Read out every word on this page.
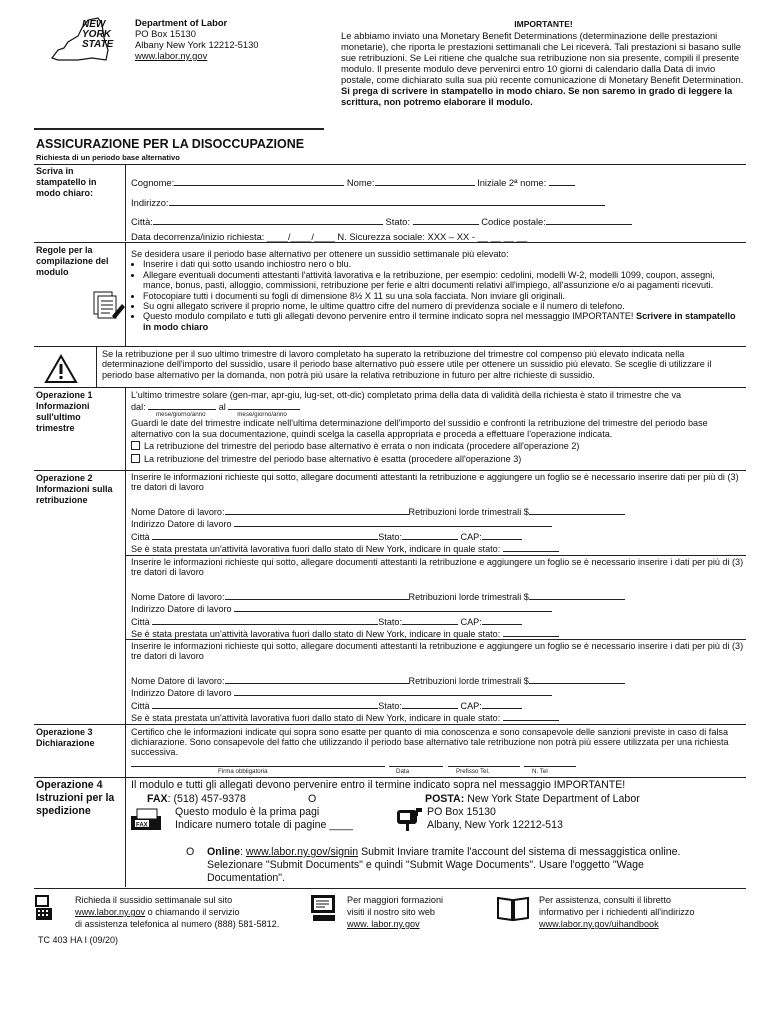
NEW
YORK
STATE
Department of Labor
PO Box 15130
Albany New York 12212-5130
www.labor.ny.gov
IMPORTANTE!
Le abbiamo inviato una Monetary Benefit Determinations (determinazione delle prestazioni monetarie), che riporta le prestazioni settimanali che Lei riceverà. Tali prestazioni si basano sulle sue retribuzioni. Se Lei ritiene che qualche sua retribuzione non sia presente, compili il presente modulo. Il presente modulo deve pervenirci entro 10 giorni di calendario dalla Data di invio postale, come dichiarato sulla sua più recente comunicazione di Monetary Benefit Determination. Si prega di scrivere in stampatello in modo chiaro. Se non saremo in grado di leggere la scrittura, non potremo elaborare il modulo.
ASSICURAZIONE PER LA DISOCCUPAZIONE
Richiesta di un periodo base alternativo
Scriva in stampatello in modo chiaro:
Cognome:	Nome:	Iniziale 2ª nome:
Indirizzo:
Città:	Stato:	Codice postale:
Data decorrenza/inizio richiesta: ____/____/____ N. Sicurezza sociale: XXX – XX - __ __ __ __
Regole per la compilazione del modulo
Se desidera usare il periodo base alternativo per ottenere un sussidio settimanale più elevato:
• Inserire i dati qui sotto usando inchiostro nero o blu.
• Allegare eventuali documenti attestanti l'attività lavorativa e la retribuzione, per esempio: cedolini, modelli W-2, modelli 1099, coupon, assegni, mance, bonus, pasti, alloggio, commissioni, retribuzione per ferie e altri documenti relativi all'impiego, all'assunzione e/o ai pagamenti ricevuti.
• Fotocopiare tutti i documenti su fogli di dimensione 8½ X 11 su una sola facciata. Non inviare gli originali.
• Su ogni allegato scrivere il proprio nome, le ultime quattro cifre del numero di previdenza sociale e il numero di telefono.
• Questo modulo compilato e tutti gli allegati devono pervenire entro il termine indicato sopra nel messaggio IMPORTANTE! Scrivere in stampatello in modo chiaro
Se la retribuzione per il suo ultimo trimestre di lavoro completato ha superato la retribuzione del trimestre col compenso più elevato indicata nella determinazione dell'importo del sussidio, usare il periodo base alternativo può essere utile per ottenere un sussidio più elevato. Se sceglie di utilizzare il periodo base alternativo per la domanda, non potrà più usare la relativa retribuzione in futuro per altre richieste di sussidio.
Operazione 1 Informazioni sull'ultimo trimestre
L'ultimo trimestre solare (gen-mar, apr-giu, lug-set, ott-dic) completato prima della data di validità della richiesta è stato il trimestre che va
dal:	al
mese/giorno/anno	mese/giorno/anno
Guardi le date del trimestre indicate nell'ultima determinazione dell'importo del sussidio e confronti la retribuzione del trimestre del periodo base alternativo con la sua documentazione, quindi scelga la casella appropriata e proceda a effettuare l'operazione indicata.
La retribuzione del trimestre del periodo base alternativo è errata o non indicata (procedere all'operazione 2)
La retribuzione del trimestre del periodo base alternativo è esatta (procedere all'operazione 3)
Operazione 2 Informazioni sulla retribuzione
Inserire le informazioni richieste qui sotto, allegare documenti attestanti la retribuzione e aggiungere un foglio se è necessario inserire dati per più di (3) tre datori di lavoro
Nome Datore di lavoro:	Retribuzioni lorde trimestrali $
Indirizzo Datore di lavoro
Città	Stato:	CAP:
Se è stata prestata un'attività lavorativa fuori dallo stato di New York, indicare in quale stato:
Inserire le informazioni richieste qui sotto, allegare documenti attestanti la retribuzione e aggiungere un foglio se è necessario inserire i dati per più di (3) tre datori di lavoro
Nome Datore di lavoro:	Retribuzioni lorde trimestrali $
Indirizzo Datore di lavoro
Città	Stato:	CAP:
Se è stata prestata un'attività lavorativa fuori dallo stato di New York, indicare in quale stato:
Inserire le informazioni richieste qui sotto, allegare documenti attestanti la retribuzione e aggiungere un foglio se è necessario inserire i dati per più di (3) tre datori di lavoro
Nome Datore di lavoro:	Retribuzioni lorde trimestrali $
Indirizzo Datore di lavoro
Città	Stato:	CAP:
Se è stata prestata un'attività lavorativa fuori dallo stato di New York, indicare in quale stato:
Operazione 3 Dichiarazione
Certifico che le informazioni indicate qui sopra sono esatte per quanto di mia conoscenza e sono consapevole delle sanzioni previste in caso di falsa dichiarazione. Sono consapevole del fatto che utilizzando il periodo base alternativo tale retribuzione non potrà più essere utilizzata per una richiesta successiva.
Firma obbligatoria	Data	Prefisso Tel.	N. Tel
Operazione 4 Istruzioni per la spedizione
Il modulo e tutti gli allegati devono pervenire entro il termine indicato sopra nel messaggio IMPORTANTE!
FAX: (518) 457-9378	O
FAX
Questo modulo è la prima pagi
Indicare numero totale di pagine ____
POSTA: New York State Department of Labor
PO Box 15130
Albany, New York 12212-513
O Online: www.labor.ny.gov/signin Submit Inviare tramite l'account del sistema di messaggistica online. Selezionare "Submit Documents" e quindi "Submit Wage Documents". Usare l'oggetto "Wage Documentation".
Richieda il sussidio settimanale sul sito
www.labor.ny.gov o chiamando il servizio
di assistenza telefonica al numero (888) 581-5812.
Per maggiori formazioni
visiti il nostro sito web
www. labor.ny.gov
Per assistenza, consulti il libretto
informativo per i richiedenti all'indirizzo
www.labor.ny.gov/uihandbook
TC 403 HA I (09/20)
